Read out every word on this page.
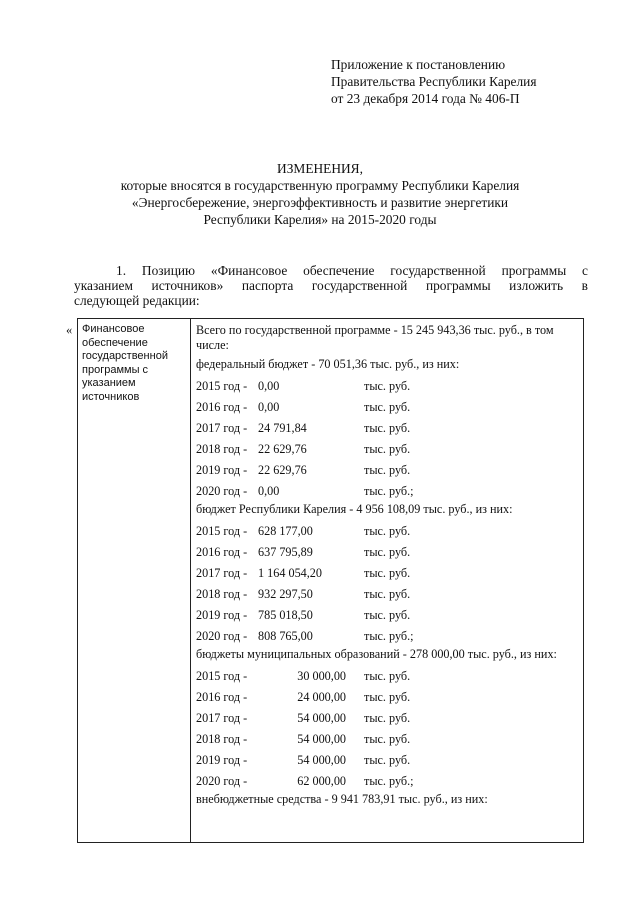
Приложение к постановлению
Правительства Республики Карелия
от 23 декабря 2014 года № 406-П
ИЗМЕНЕНИЯ,
которые вносятся в государственную программу Республики Карелия
«Энергосбережение, энергоэффективность и развитие энергетики
Республики Карелия» на 2015-2020 годы
1. Позицию «Финансовое обеспечение государственной программы с
указанием источников» паспорта государственной программы изложить в
следующей редакции:
« Финансовое обеспечение государственной программы с указанием источников
Всего по государственной программе - 15 245 943,36 тыс. руб., в том числе:
федеральный бюджет - 70 051,36 тыс. руб., из них:
2015 год - 0,00	тыс. руб.
2016 год - 0,00	тыс. руб.
2017 год - 24 791,84	тыс. руб.
2018 год - 22 629,76	тыс. руб.
2019 год - 22 629,76	тыс. руб.
2020 год - 0,00	тыс. руб.;
бюджет Республики Карелия - 4 956 108,09 тыс. руб., из них:
2015 год - 628 177,00	тыс. руб.
2016 год - 637 795,89	тыс. руб.
2017 год - 1 164 054,20	тыс. руб.
2018 год - 932 297,50	тыс. руб.
2019 год - 785 018,50	тыс. руб.
2020 год - 808 765,00	тыс. руб.;
бюджеты муниципальных образований - 278 000,00 тыс. руб., из них:
2015 год -	30 000,00 тыс. руб.
2016 год -	24 000,00 тыс. руб.
2017 год -	54 000,00 тыс. руб.
2018 год -	54 000,00 тыс. руб.
2019 год -	54 000,00 тыс. руб.
2020 год -	62 000,00 тыс. руб.;
внебюджетные средства - 9 941 783,91 тыс. руб., из них:
